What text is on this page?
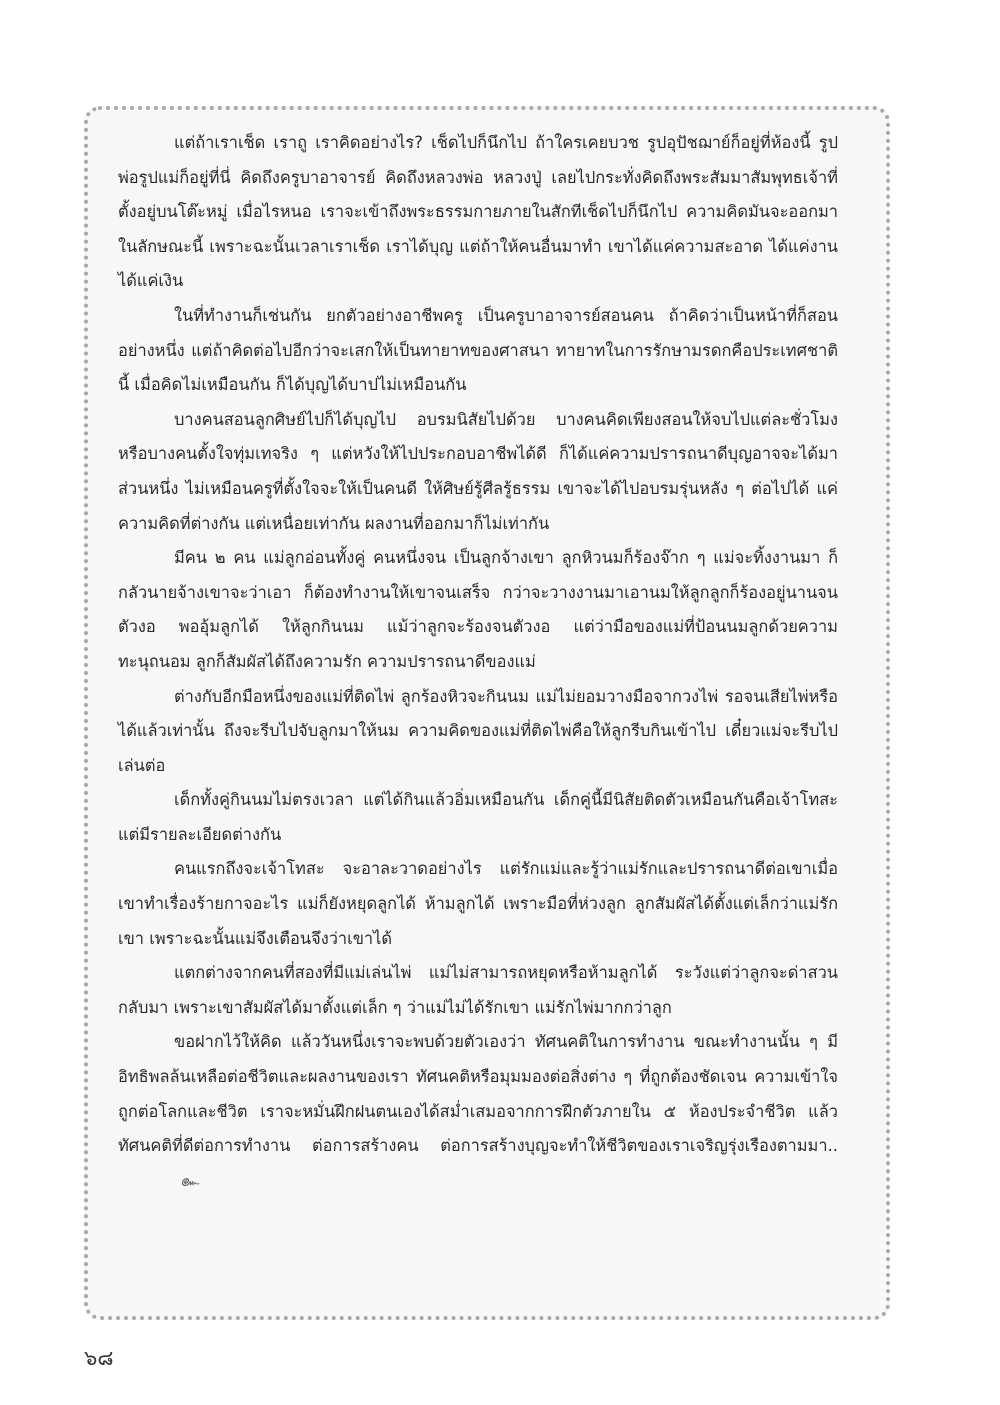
แต่ถ้าเราเช็ด เราถู เราคิดอย่างไร? เช็ดไปก็นึกไป ถ้าใครเคยบวช รูปอุปัชฌาย์ก็อยู่ที่ห้องนี้ รูปพ่อรูปแม่ก็อยู่ที่นี่ คิดถึงครูบาอาจารย์ คิดถึงหลวงพ่อ หลวงปู่ เลยไปกระทั่งคิดถึงพระสัมมาสัมพุทธเจ้าที่ตั้งอยู่บนโต๊ะหมู่ เมื่อไรหนอ เราจะเข้าถึงพระธรรมกายภายในสักทีเช็ดไปก็นึกไป ความคิดมันจะออกมาในลักษณะนี้ เพราะฉะนั้นเวลาเราเช็ด เราได้บุญ แต่ถ้าให้คนอื่นมาทำ เขาได้แค่ความสะอาด ได้แค่งาน ได้แค่เงิน

ในที่ทำงานก็เช่นกัน ยกตัวอย่างอาชีพครู เป็นครูบาอาจารย์สอนคน ถ้าคิดว่าเป็นหน้าที่ก็สอนอย่างหนึ่ง แต่ถ้าคิดต่อไปอีกว่าจะเสกให้เป็นทายาทของศาสนา ทายาทในการรักษามรดกคือประเทศชาตินี้ เมื่อคิดไม่เหมือนกัน ก็ได้บุญได้บาปไม่เหมือนกัน

บางคนสอนลูกศิษย์ไปก็ได้บุญไป อบรมนิสัยไปด้วย บางคนคิดเพียงสอนให้จบไปแต่ละชั่วโมง หรือบางคนตั้งใจทุ่มเทจริง ๆ แต่หวังให้ไปประกอบอาชีพได้ดี ก็ได้แค่ความปรารถนาดีบุญอาจจะได้มาส่วนหนึ่ง ไม่เหมือนครูที่ตั้งใจจะให้เป็นคนดี ให้ศิษย์รู้ศีลรู้ธรรม เขาจะได้ไปอบรมรุ่นหลัง ๆ ต่อไปได้ แค่ความคิดที่ต่างกัน แต่เหนื่อยเท่ากัน ผลงานที่ออกมาก็ไม่เท่ากัน

มีคน ๒ คน แม่ลูกอ่อนทั้งคู่ คนหนึ่งจน เป็นลูกจ้างเขา ลูกหิวนมก็ร้องจ๊าก ๆ แม่จะทิ้งงานมา ก็กลัวนายจ้างเขาจะว่าเอา ก็ต้องทำงานให้เขาจนเสร็จ กว่าจะวางงานมาเอานมให้ลูกลูกก็ร้องอยู่นานจนตัวงอ พออุ้มลูกได้ ให้ลูกกินนม แม้ว่าลูกจะร้องจนตัวงอ แต่ว่ามือของแม่ที่ป้อนนมลูกด้วยความทะนุถนอม ลูกก็สัมผัสได้ถึงความรัก ความปรารถนาดีของแม่

ต่างกับอีกมือหนึ่งของแม่ที่ติดไพ่ ลูกร้องหิวจะกินนม แม่ไม่ยอมวางมือจากวงไพ่ รอจนเสียไพ่หรือได้แล้วเท่านั้น ถึงจะรีบไปจับลูกมาให้นม ความคิดของแม่ที่ติดไพ่คือให้ลูกรีบกินเข้าไป เดี๋ยวแม่จะรีบไปเล่นต่อ

เด็กทั้งคู่กินนมไม่ตรงเวลา แต่ได้กินแล้วอิ่มเหมือนกัน เด็กคู่นี้มีนิสัยติดตัวเหมือนกันคือเจ้าโทสะ แต่มีรายละเอียดต่างกัน

คนแรกถึงจะเจ้าโทสะ จะอาละวาดอย่างไร แต่รักแม่และรู้ว่าแม่รักและปรารถนาดีต่อเขาเมื่อเขาทำเรื่องร้ายกาจอะไร แม่ก็ยังหยุดลูกได้ ห้ามลูกได้ เพราะมือที่ห่วงลูก ลูกสัมผัสได้ตั้งแต่เล็กว่าแม่รักเขา เพราะฉะนั้นแม่จึงเตือนจึงว่าเขาได้

แตกต่างจากคนที่สองที่มีแม่เล่นไพ่ แม่ไม่สามารถหยุดหรือห้ามลูกได้ ระวังแต่ว่าลูกจะด่าสวนกลับมา เพราะเขาสัมผัสได้มาตั้งแต่เล็ก ๆ ว่าแม่ไม่ได้รักเขา แม่รักไพ่มากกว่าลูก

ขอฝากไว้ให้คิด แล้ววันหนึ่งเราจะพบด้วยตัวเองว่า ทัศนคติในการทำงาน ขณะทำงานนั้น ๆ มีอิทธิพลล้นเหลือต่อชีวิตและผลงานของเรา ทัศนคติหรือมุมมองต่อสิ่งต่าง ๆ ที่ถูกต้องชัดเจน ความเข้าใจถูกต่อโลกและชีวิต เราจะหมั่นฝึกฝนตนเองได้สม่ำเสมอจากการฝึกตัวภายใน ๕ ห้องประจำชีวิต แล้วทัศนคติที่ดีต่อการทำงาน ต่อการสร้างคน ต่อการสร้างบุญจะทำให้ชีวิตของเราเจริญรุ่งเรืองตามมา..๛

๖๘
